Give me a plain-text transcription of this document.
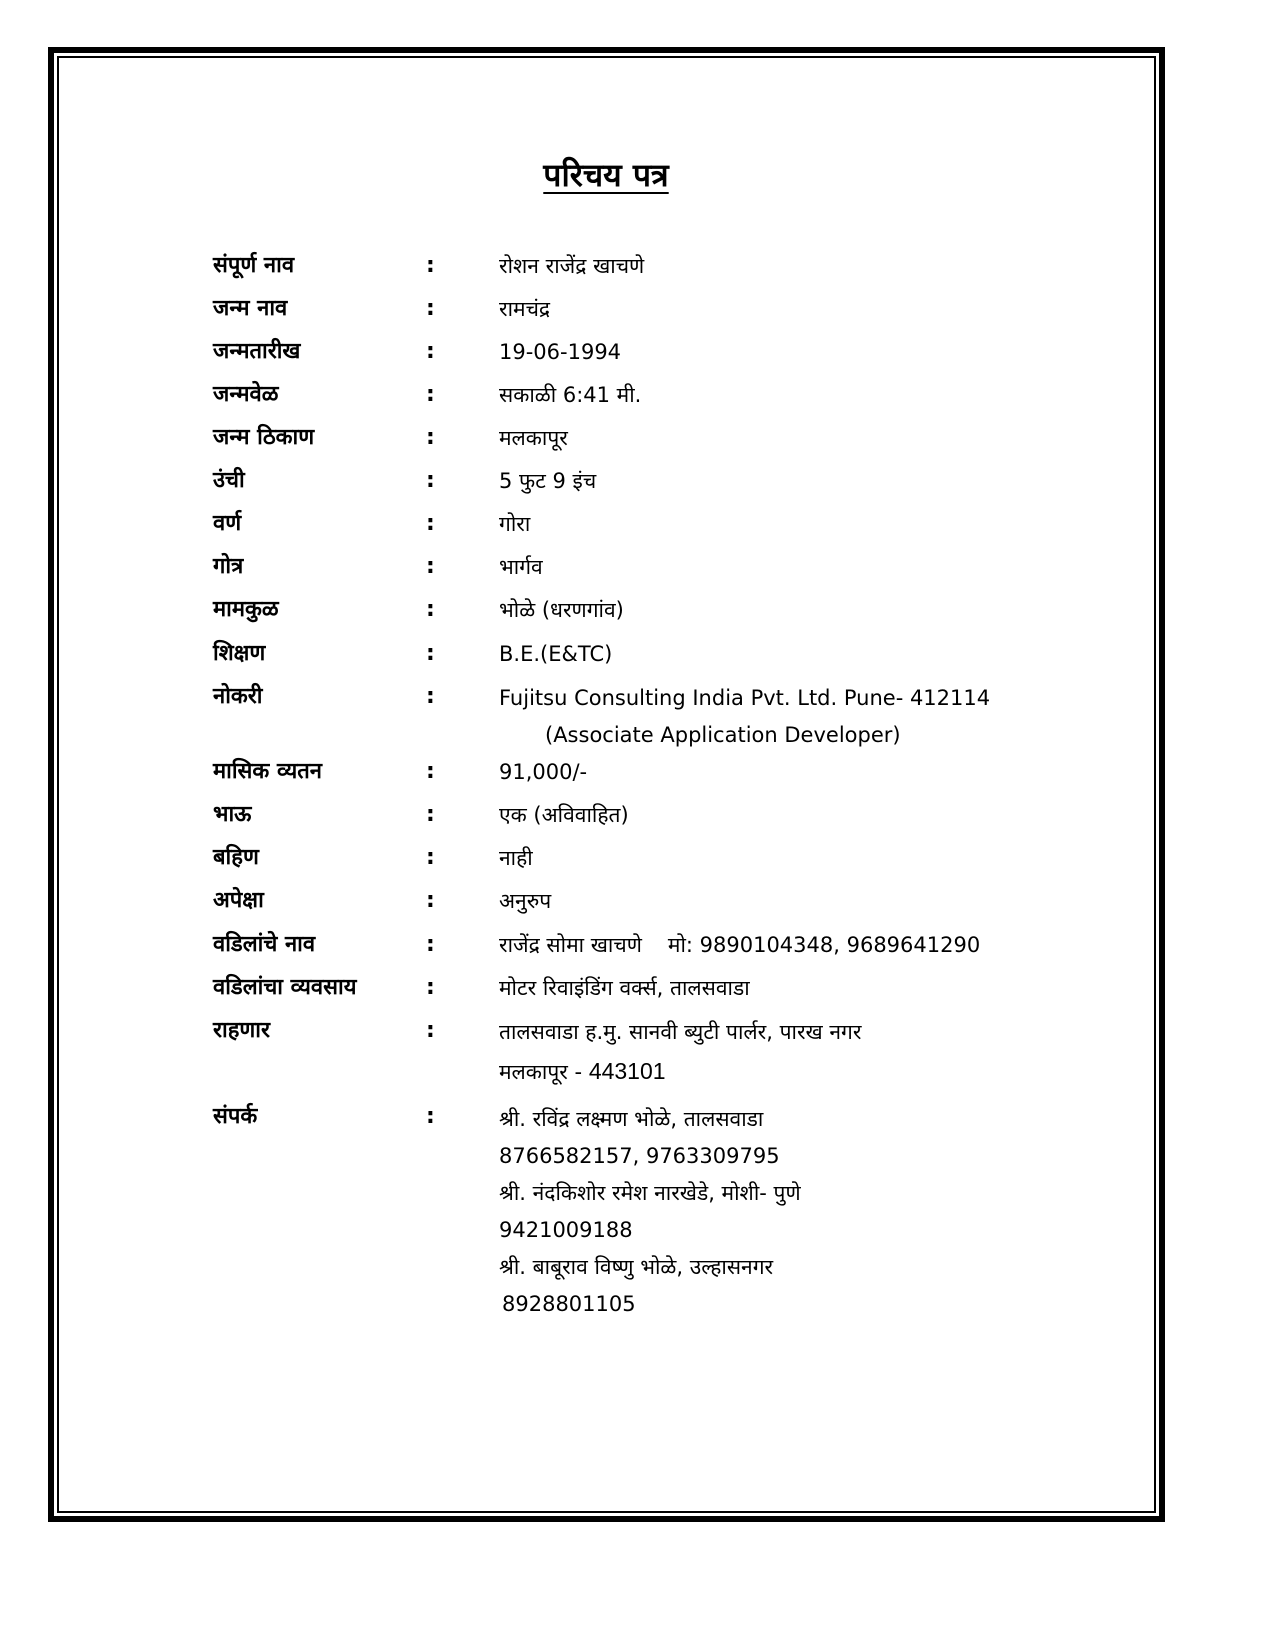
परिचय पत्र
संपूर्ण नाव	:	रोशन राजेंद्र खाचणे
जन्म नाव	:	रामचंद्र
जन्मतारीख	:	19-06-1994
जन्मवेळ	:	सकाळी 6:41 मी.
जन्म ठिकाण	:	मलकापूर
उंची	:	5 फुट 9 इंच
वर्ण	:	गोरा
गोत्र	:	भार्गव
मामकुळ	:	भोळे (धरणगांव)
शिक्षण	:	B.E.(E&TC)
नोकरी	:	Fujitsu Consulting India Pvt. Ltd. Pune- 412114
(Associate Application Developer)
मासिक व्यतन	:	91,000/-
भाऊ	:	एक (अविवाहित)
बहिण	:	नाही
अपेक्षा	:	अनुरुप
वडिलांचे नाव	:	राजेंद्र सोमा खाचणे मो: 9890104348, 9689641290
वडिलांचा व्यवसाय	:	मोटर रिवाइंडिंग वर्क्स, तालसवाडा
राहणार	:	तालसवाडा ह.मु. सानवी ब्युटी पार्लर, पारख नगर
मलकापूर - 443101
संपर्क	:	श्री. रविंद्र लक्ष्मण भोळे, तालसवाडा
8766582157, 9763309795
श्री. नंदकिशोर रमेश नारखेडे, मोशी- पुणे
9421009188
श्री. बाबूराव विष्णु भोळे, उल्हासनगर
8928801105
